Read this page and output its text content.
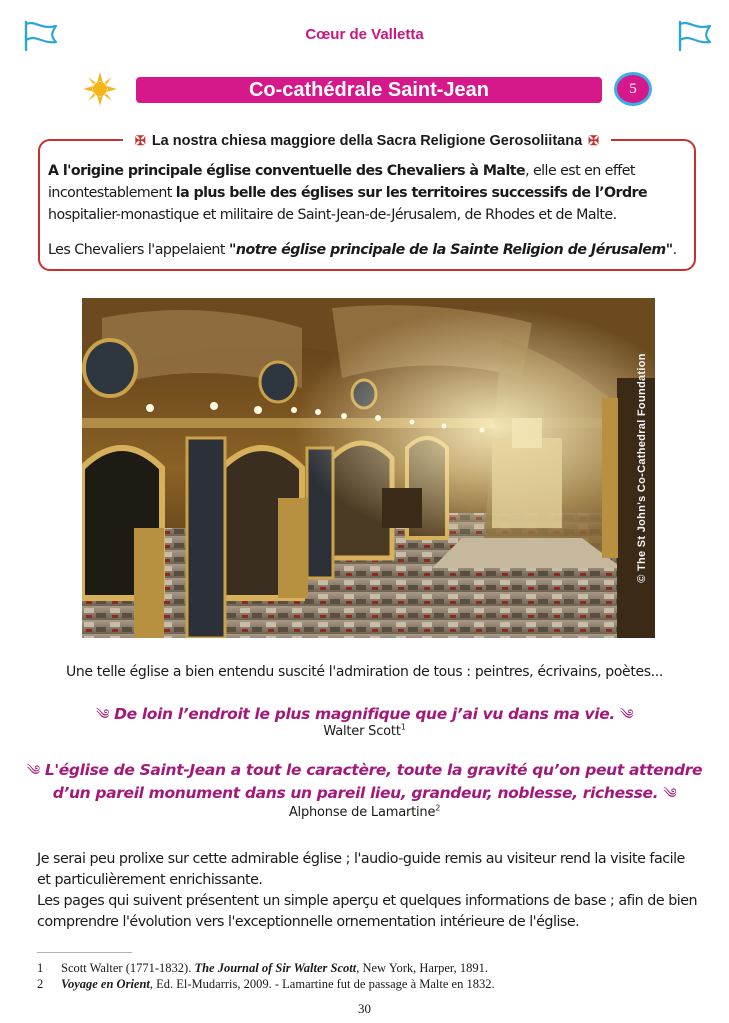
Cœur de Valletta
Co-cathédrale Saint-Jean	5
✠ La nostra chiesa maggiore della Sacra Religione Gerosoliitana ✠

A l'origine principale église conventuelle des Chevaliers à Malte, elle est en effet incontestablement la plus belle des églises sur les territoires successifs de l’Ordre hospitalier-monastique et militaire de Saint-Jean-de-Jérusalem, de Rhodes et de Malte.

Les Chevaliers l'appelaient "notre église principale de la Sainte Religion de Jérusalem".

© The St John's Co-Cathedral Foundation
Une telle église a bien entendu suscité l'admiration de tous : peintres, écrivains, poètes...
༄ De loin l’endroit le plus magnifique que j’ai vu dans ma vie. ༄
Walter Scott$^1$
༄ L'église de Saint-Jean a tout le caractère, toute la gravité qu’on peut attendre
d’un pareil monument dans un pareil lieu, grandeur, noblesse, richesse. ༄
Alphonse de Lamartine$^2$

Je serai peu prolixe sur cette admirable église ; l'audio-guide remis au visiteur rend la visite facile et particulièrement enrichissante.

Les pages qui suivent présentent un simple aperçu et quelques informations de base ; afin de bien comprendre l'évolution vers l'exceptionnelle ornementation intérieure de l'église.

1	Scott Walter (1771-1832). The Journal of Sir Walter Scott, New York, Harper, 1891.
2	Voyage en Orient, Ed. El-Mudarris, 2009. - Lamartine fut de passage à Malte en 1832.
30
